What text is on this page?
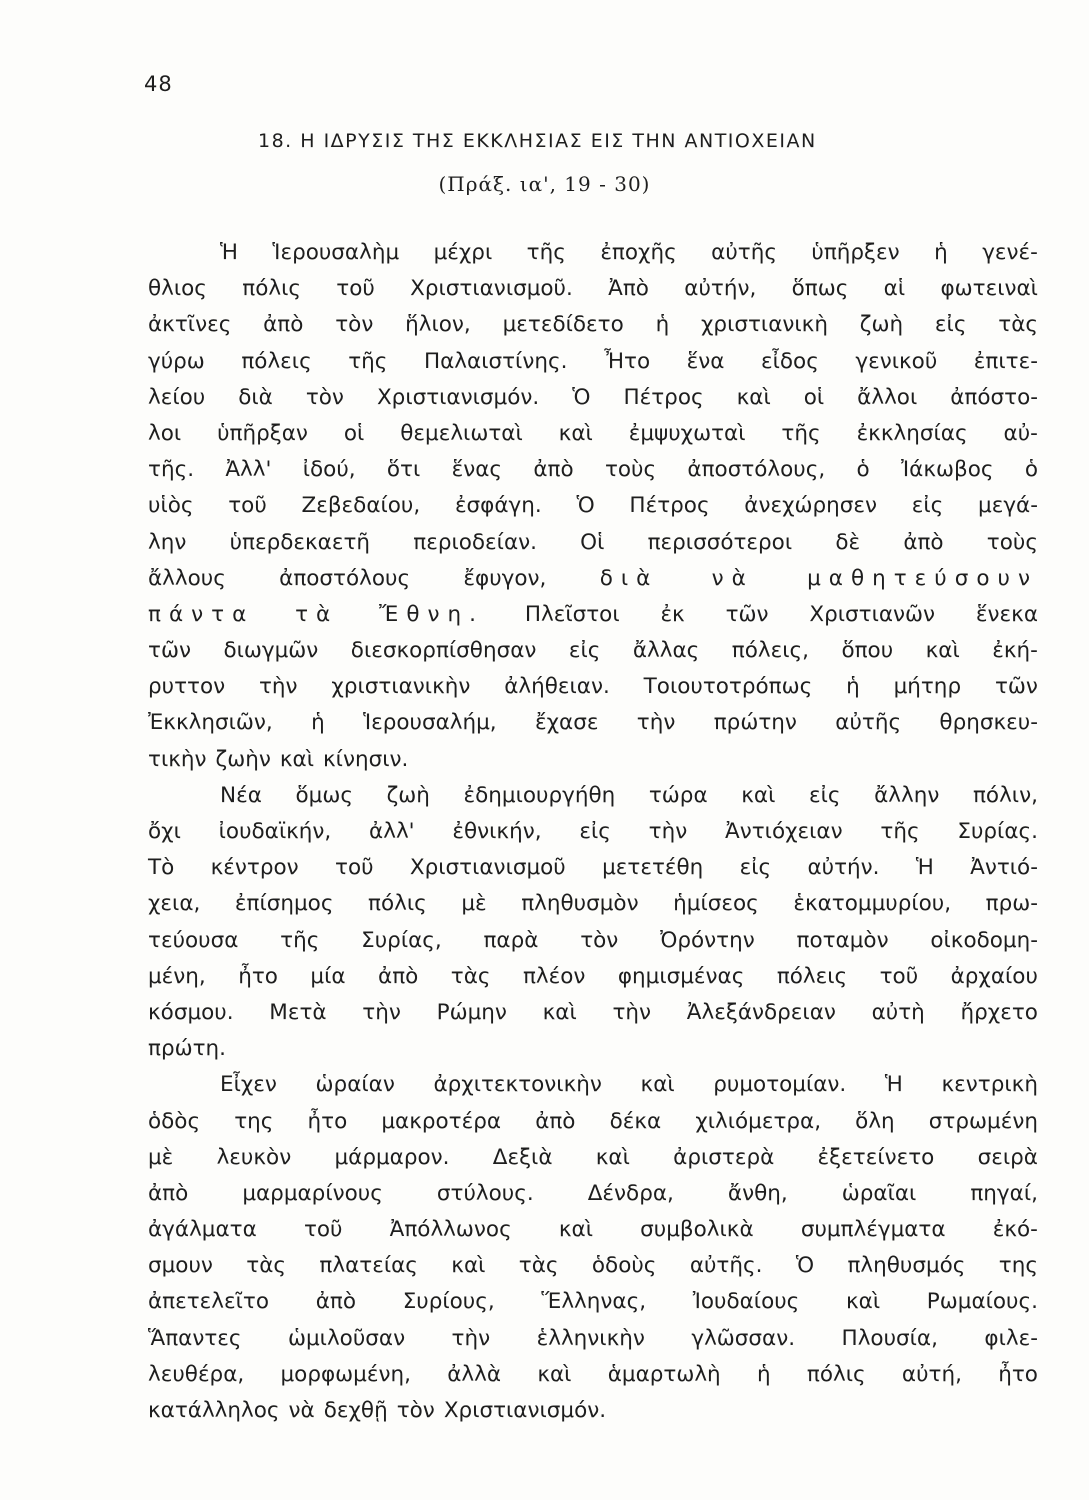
48
18. Η ΙΔΡΥΣΙΣ ΤΗΣ ΕΚΚΛΗΣΙΑΣ ΕΙΣ ΤΗΝ ΑΝΤΙΟΧΕΙΑΝ
(Πράξ. ια', 19 - 30)
Ἡ Ἱερουσαλὴμ μέχρι τῆς ἐποχῆς αὐτῆς ὑπῆρξεν ἡ γενέ-
θλιος πόλις τοῦ Χριστιανισμοῦ. Ἀπὸ αὐτήν, ὅπως αἱ φωτειναὶ
ἀκτῖνες ἀπὸ τὸν ἥλιον, μετεδίδετο ἡ χριστιανικὴ ζωὴ εἰς τὰς
γύρω πόλεις τῆς Παλαιστίνης. Ἦτο ἕνα εἶδος γενικοῦ ἐπιτε-
λείου διὰ τὸν Χριστιανισμόν. Ὁ Πέτρος καὶ οἱ ἄλλοι ἀπόστο-
λοι ὑπῆρξαν οἱ θεμελιωταὶ καὶ ἐμψυχωταὶ τῆς ἐκκλησίας αὐ-
τῆς. Ἀλλ' ἰδού, ὅτι ἕνας ἀπὸ τοὺς ἀποστόλους, ὁ Ἰάκωβος ὁ
υἱὸς τοῦ Ζεβεδαίου, ἐσφάγη. Ὁ Πέτρος ἀνεχώρησεν εἰς μεγά-
λην ὑπερδεκαετῆ περιοδείαν. Οἱ περισσότεροι δὲ ἀπὸ τοὺς
ἄλλους ἀποστόλους ἔφυγον, διὰ νὰ μαθητεύσουν
πάντα τὰ Ἔθνη. Πλεῖστοι ἐκ τῶν Χριστιανῶν ἕνεκα
τῶν διωγμῶν διεσκορπίσθησαν εἰς ἄλλας πόλεις, ὅπου καὶ ἐκή-
ρυττον τὴν χριστιανικὴν ἀλήθειαν. Τοιουτοτρόπως ἡ μήτηρ τῶν
Ἐκκλησιῶν, ἡ Ἱερουσαλήμ, ἔχασε τὴν πρώτην αὐτῆς θρησκευ-
τικὴν ζωὴν καὶ κίνησιν.
Νέα ὅμως ζωὴ ἐδημιουργήθη τώρα καὶ εἰς ἄλλην πόλιν,
ὄχι ἰουδαϊκήν, ἀλλ' ἐθνικήν, εἰς τὴν Ἀντιόχειαν τῆς Συρίας.
Τὸ κέντρον τοῦ Χριστιανισμοῦ μετετέθη εἰς αὐτήν. Ἡ Ἀντιό-
χεια, ἐπίσημος πόλις μὲ πληθυσμὸν ἡμίσεος ἑκατομμυρίου, πρω-
τεύουσα τῆς Συρίας, παρὰ τὸν Ὀρόντην ποταμὸν οἰκοδομη-
μένη, ἦτο μία ἀπὸ τὰς πλέον φημισμένας πόλεις τοῦ ἀρχαίου
κόσμου. Μετὰ τὴν Ρώμην καὶ τὴν Ἀλεξάνδρειαν αὐτὴ ἤρχετο
πρώτη.
Εἶχεν ὡραίαν ἀρχιτεκτονικὴν καὶ ρυμοτομίαν. Ἡ κεντρικὴ
ὁδὸς της ἦτο μακροτέρα ἀπὸ δέκα χιλιόμετρα, ὅλη στρωμένη
μὲ λευκὸν μάρμαρον. Δεξιὰ καὶ ἀριστερὰ ἐξετείνετο σειρὰ
ἀπὸ	μαρμαρίνους	στύλους.	Δένδρα,	ἄνθη,	ὡραῖαι	πηγαί,
ἀγάλματα τοῦ Ἀπόλλωνος καὶ συμβολικὰ συμπλέγματα ἐκό-
σμουν τὰς πλατείας καὶ τὰς ὁδοὺς αὐτῆς. Ὁ πληθυσμός της
ἀπετελεῖτο ἀπὸ Συρίους, Ἕλληνας, Ἰουδαίους καὶ Ρωμαίους.
Ἅπαντες ὡμιλοῦσαν τὴν ἑλληνικὴν γλῶσσαν. Πλουσία, φιλε-
λευθέρα, μορφωμένη, ἀλλὰ καὶ ἁμαρτωλὴ ἡ πόλις αὐτή, ἦτο
κατάλληλος νὰ δεχθῇ τὸν Χριστιανισμόν.
